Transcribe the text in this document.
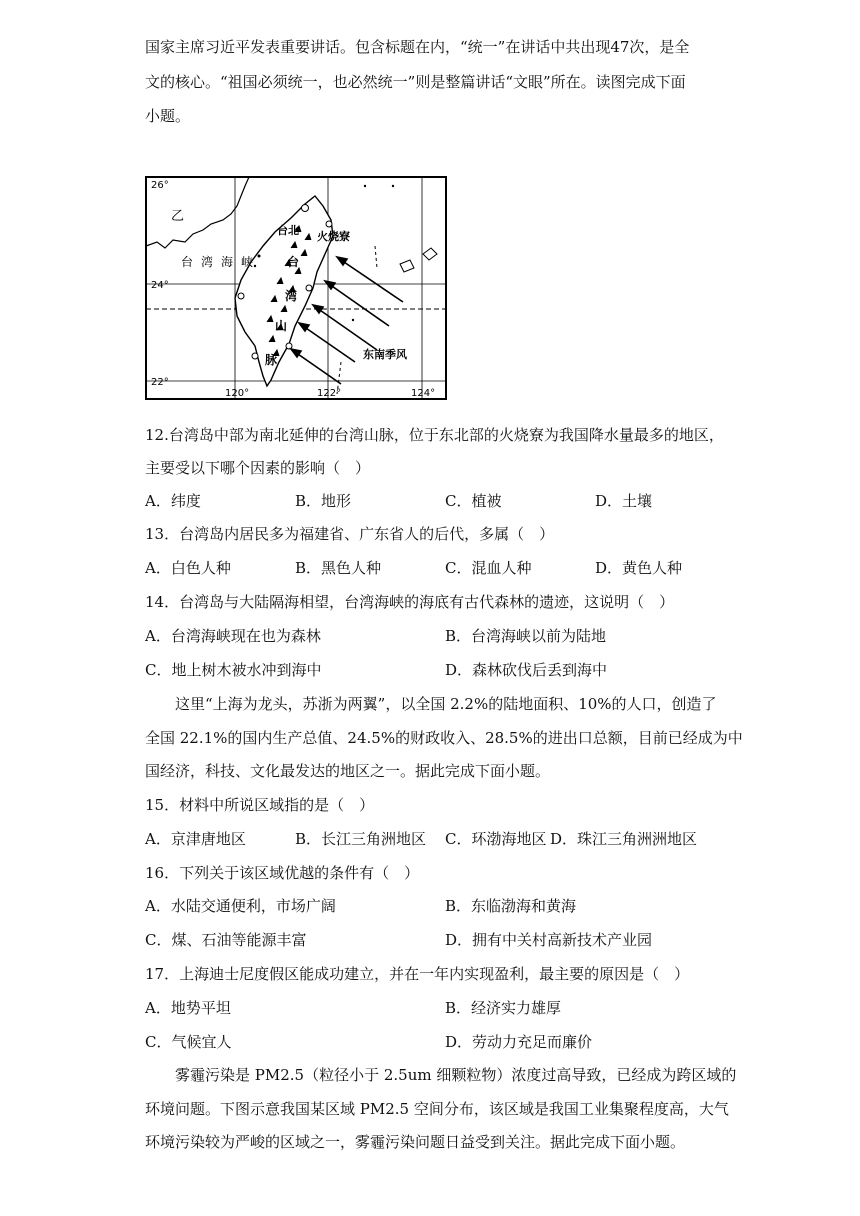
国家主席习近平发表重要讲话。包含标题在内，“统一”在讲话中共出现47次，是全
文的核心。“祖国必须统一，也必然统一”则是整篇讲话“文眼”所在。读图完成下面
小题。
26°
24°
22°
120°	122°	124°
乙
台 湾 海 峡
台北 火烧寮
台
湾
山
脉	东南季风
12.台湾岛中部为南北延伸的台湾山脉，位于东北部的火烧寮为我国降水量最多的地区，
主要受以下哪个因素的影响（　）
A．纬度	B．地形	C．植被	D．土壤
13．台湾岛内居民多为福建省、广东省人的后代，多属（　）
A．白色人种	B．黑色人种	C．混血人种	D．黄色人种
14．台湾岛与大陆隔海相望，台湾海峡的海底有古代森林的遗迹，这说明（　）
A．台湾海峡现在也为森林	B．台湾海峡以前为陆地
C．地上树木被水冲到海中	D．森林砍伐后丢到海中
这里“上海为龙头，苏浙为两翼”，以全国 2.2%的陆地面积、10%的人口，创造了
全国 22.1%的国内生产总值、24.5%的财政收入、28.5%的进出口总额，目前已经成为中
国经济，科技、文化最发达的地区之一。据此完成下面小题。
15．材料中所说区域指的是（　）
A．京津唐地区	B．长江三角洲地区 C．环渤海地区 D．珠江三角洲洲地区
16．下列关于该区域优越的条件有（　）
A．水陆交通便利，市场广阔	B．东临渤海和黄海
C．煤、石油等能源丰富	D．拥有中关村高新技术产业园
17．上海迪士尼度假区能成功建立，并在一年内实现盈利，最主要的原因是（　）
A．地势平坦	B．经济实力雄厚
C．气候宜人	D．劳动力充足而廉价
雾霾污染是 PM2.5（粒径小于 2.5um 细颗粒物）浓度过高导致，已经成为跨区域的
环境问题。下图示意我国某区域 PM2.5 空间分布，该区域是我国工业集聚程度高，大气
环境污染较为严峻的区域之一，雾霾污染问题日益受到关注。据此完成下面小题。
